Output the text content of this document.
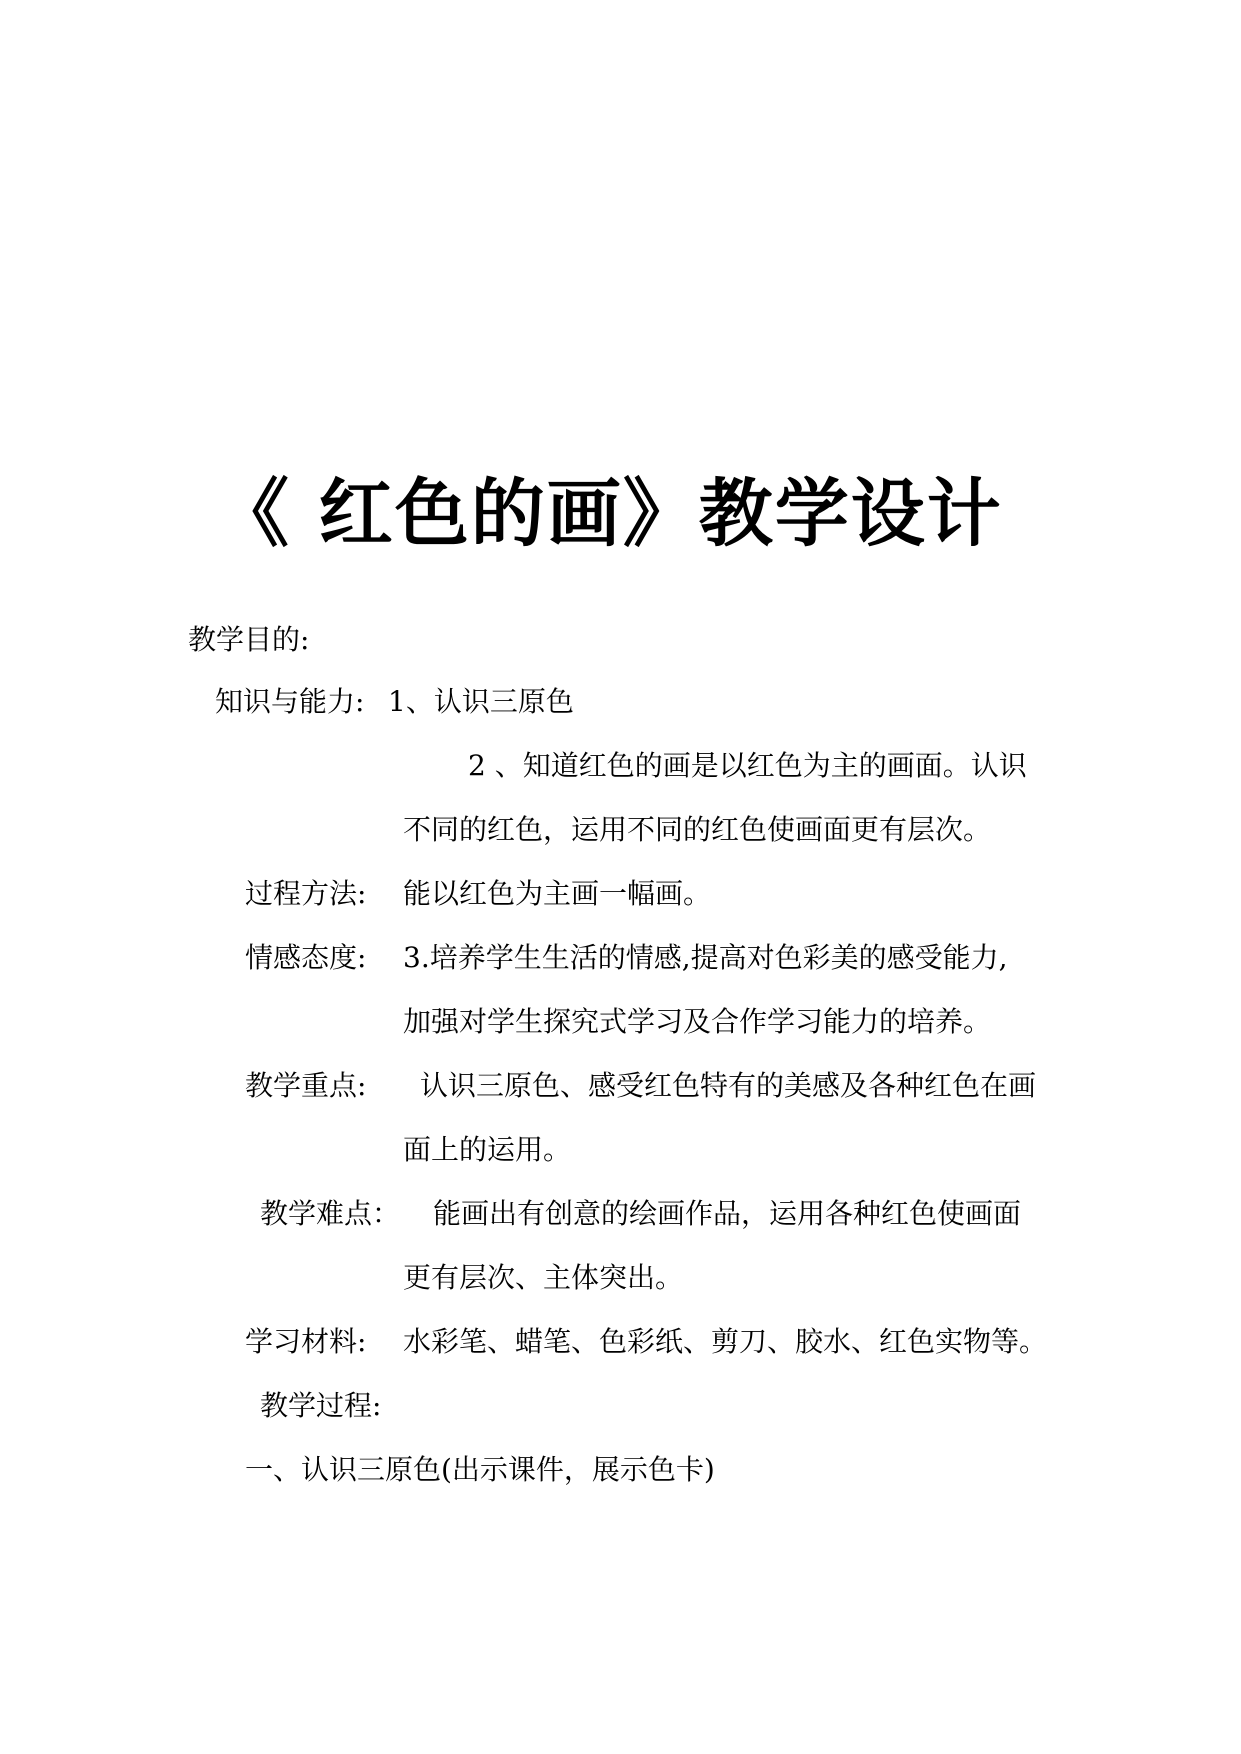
《 红色的画》教学设计
教学目的:
知识与能力: 1、认识三原色
2 、知道红色的画是以红色为主的画面。认识
不同的红色，运用不同的红色使画面更有层次。
过程方法: 能以红色为主画一幅画。
情感态度: 3.培养学生生活的情感,提高对色彩美的感受能力,
加强对学生探究式学习及合作学习能力的培养。
教学重点: 认识三原色、感受红色特有的美感及各种红色在画
面上的运用。
教学难点： 能画出有创意的绘画作品，运用各种红色使画面
更有层次、主体突出。
学习材料: 水彩笔、蜡笔、色彩纸、剪刀、胶水、红色实物等。
教学过程:
一、认识三原色(出示课件，展示色卡)
